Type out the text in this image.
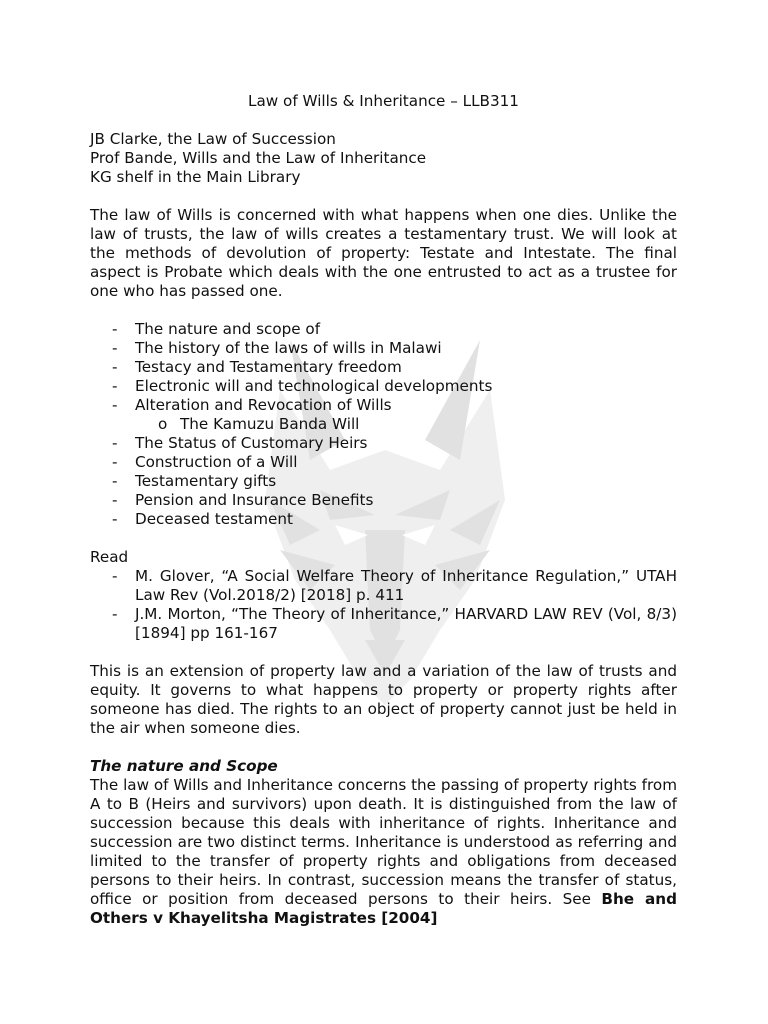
Law of Wills & Inheritance – LLB311

JB Clarke, the Law of Succession

Prof Bande, Wills and the Law of Inheritance

KG shelf in the Main Library

The law of Wills is concerned with what happens when one dies. Unlike the law of trusts, the law of wills creates a testamentary trust. We will look at the methods of devolution of property: Testate and Intestate. The final aspect is Probate which deals with the one entrusted to act as a trustee for one who has passed one.

- The nature and scope of
- The history of the laws of wills in Malawi
- Testacy and Testamentary freedom
- Electronic will and technological developments
- Alteration and Revocation of Wills
o The Kamuzu Banda Will
- The Status of Customary Heirs
- Construction of a Will
- Testamentary gifts
- Pension and Insurance Benefits
- Deceased testament

Read

- M. Glover, “A Social Welfare Theory of Inheritance Regulation,” UTAH Law Rev (Vol.2018/2) [2018] p. 411
- J.M. Morton, “The Theory of Inheritance,” HARVARD LAW REV (Vol, 8/3) [1894] pp 161-167

This is an extension of property law and a variation of the law of trusts and equity. It governs to what happens to property or property rights after someone has died. The rights to an object of property cannot just be held in the air when someone dies.

The nature and Scope

The law of Wills and Inheritance concerns the passing of property rights from A to B (Heirs and survivors) upon death. It is distinguished from the law of succession because this deals with inheritance of rights. Inheritance and succession are two distinct terms. Inheritance is understood as referring and limited to the transfer of property rights and obligations from deceased persons to their heirs. In contrast, succession means the transfer of status, office or position from deceased persons to their heirs. See Bhe and Others v Khayelitsha Magistrates [2004]
